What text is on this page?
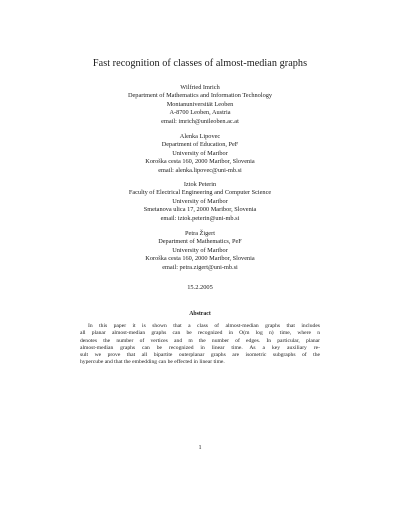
Fast recognition of classes of almost-median graphs
Wilfried Imrich
Department of Mathematics and Information Technology
Montanuniversität Leoben
A-8700 Leoben, Austria
email: imrich@unileoben.ac.at
Alenka Lipovec
Department of Education, PeF
University of Maribor
Koroška cesta 160, 2000 Maribor, Slovenia
email: alenka.lipovec@uni-mb.si
Iztok Peterin
Faculty of Electrical Engineering and Computer Science
University of Maribor
Smetanova ulica 17, 2000 Maribor, Slovenia
email: iztok.peterin@uni-mb.si
Petra Žigert
Department of Mathematics, PeF
University of Maribor
Koroška cesta 160, 2000 Maribor, Slovenia
email: petra.zigert@uni-mb.si
15.2.2005
Abstract
In this paper it is shown that a class of almost-median graphs that includes
all planar almost-median graphs can be recognized in O(m log n) time, where n
denotes the number of vertices and m the number of edges. In particular, planar
almost-median graphs can be recognized in linear time. As a key auxiliary re-
sult we prove that all bipartite outerplanar graphs are isometric subgraphs of the
hypercube and that the embedding can be effected in linear time.
1
